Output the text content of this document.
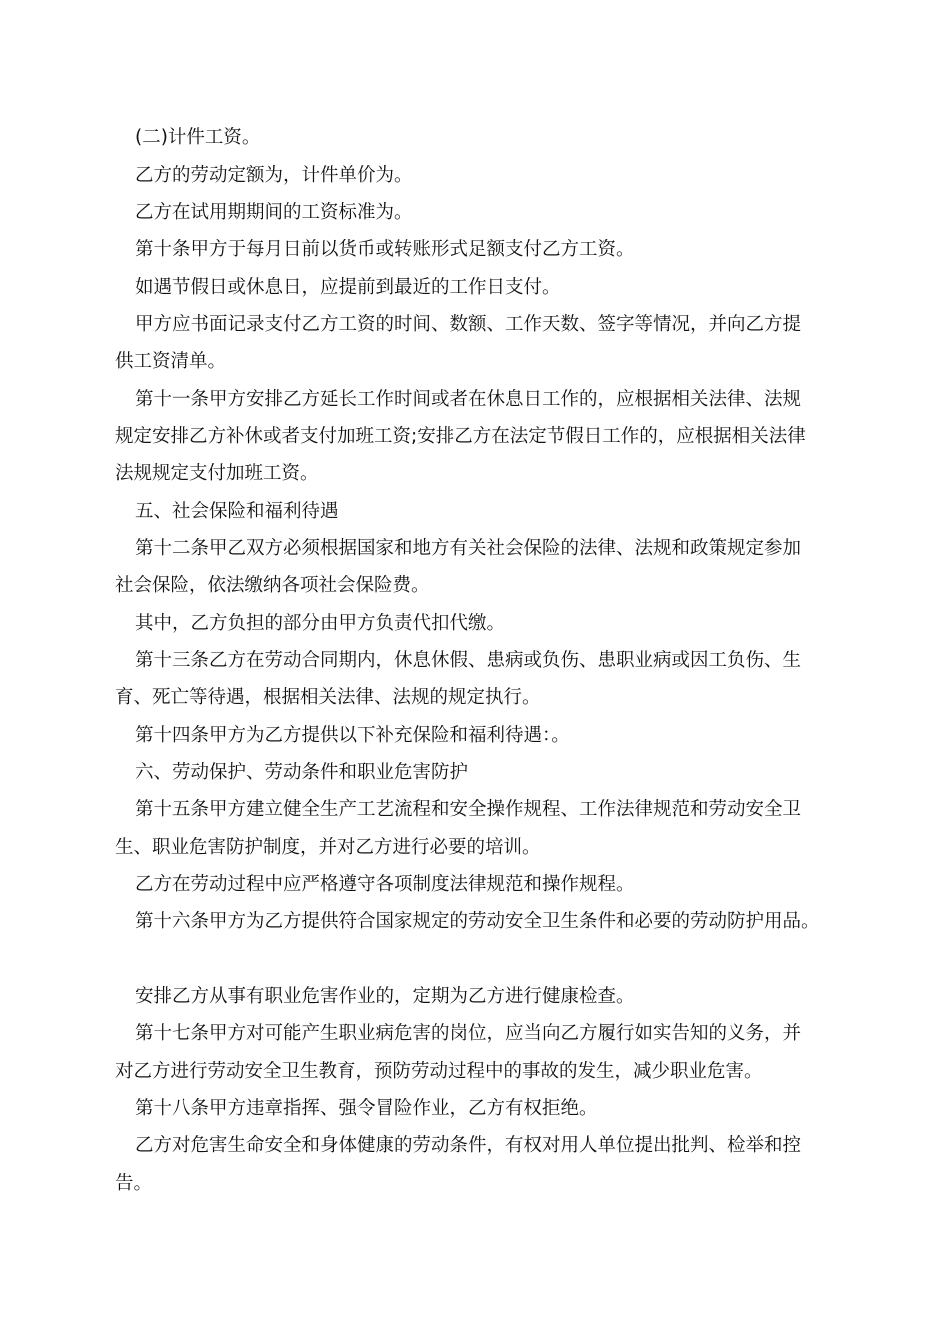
(二)计件工资。
乙方的劳动定额为，计件单价为。
乙方在试用期期间的工资标准为。
第十条甲方于每月日前以货币或转账形式足额支付乙方工资。
如遇节假日或休息日，应提前到最近的工作日支付。
甲方应书面记录支付乙方工资的时间、数额、工作天数、签字等情况，并向乙方提
供工资清单。
第十一条甲方安排乙方延长工作时间或者在休息日工作的，应根据相关法律、法规
规定安排乙方补休或者支付加班工资;安排乙方在法定节假日工作的，应根据相关法律
法规规定支付加班工资。
五、社会保险和福利待遇
第十二条甲乙双方必须根据国家和地方有关社会保险的法律、法规和政策规定参加
社会保险，依法缴纳各项社会保险费。
其中，乙方负担的部分由甲方负责代扣代缴。
第十三条乙方在劳动合同期内，休息休假、患病或负伤、患职业病或因工负伤、生
育、死亡等待遇，根据相关法律、法规的规定执行。
第十四条甲方为乙方提供以下补充保险和福利待遇：。
六、劳动保护、劳动条件和职业危害防护
第十五条甲方建立健全生产工艺流程和安全操作规程、工作法律规范和劳动安全卫
生、职业危害防护制度，并对乙方进行必要的培训。
乙方在劳动过程中应严格遵守各项制度法律规范和操作规程。
第十六条甲方为乙方提供符合国家规定的劳动安全卫生条件和必要的劳动防护用品。
安排乙方从事有职业危害作业的，定期为乙方进行健康检查。
第十七条甲方对可能产生职业病危害的岗位，应当向乙方履行如实告知的义务，并
对乙方进行劳动安全卫生教育，预防劳动过程中的事故的发生，减少职业危害。
第十八条甲方违章指挥、强令冒险作业，乙方有权拒绝。
乙方对危害生命安全和身体健康的劳动条件，有权对用人单位提出批判、检举和控
告。
